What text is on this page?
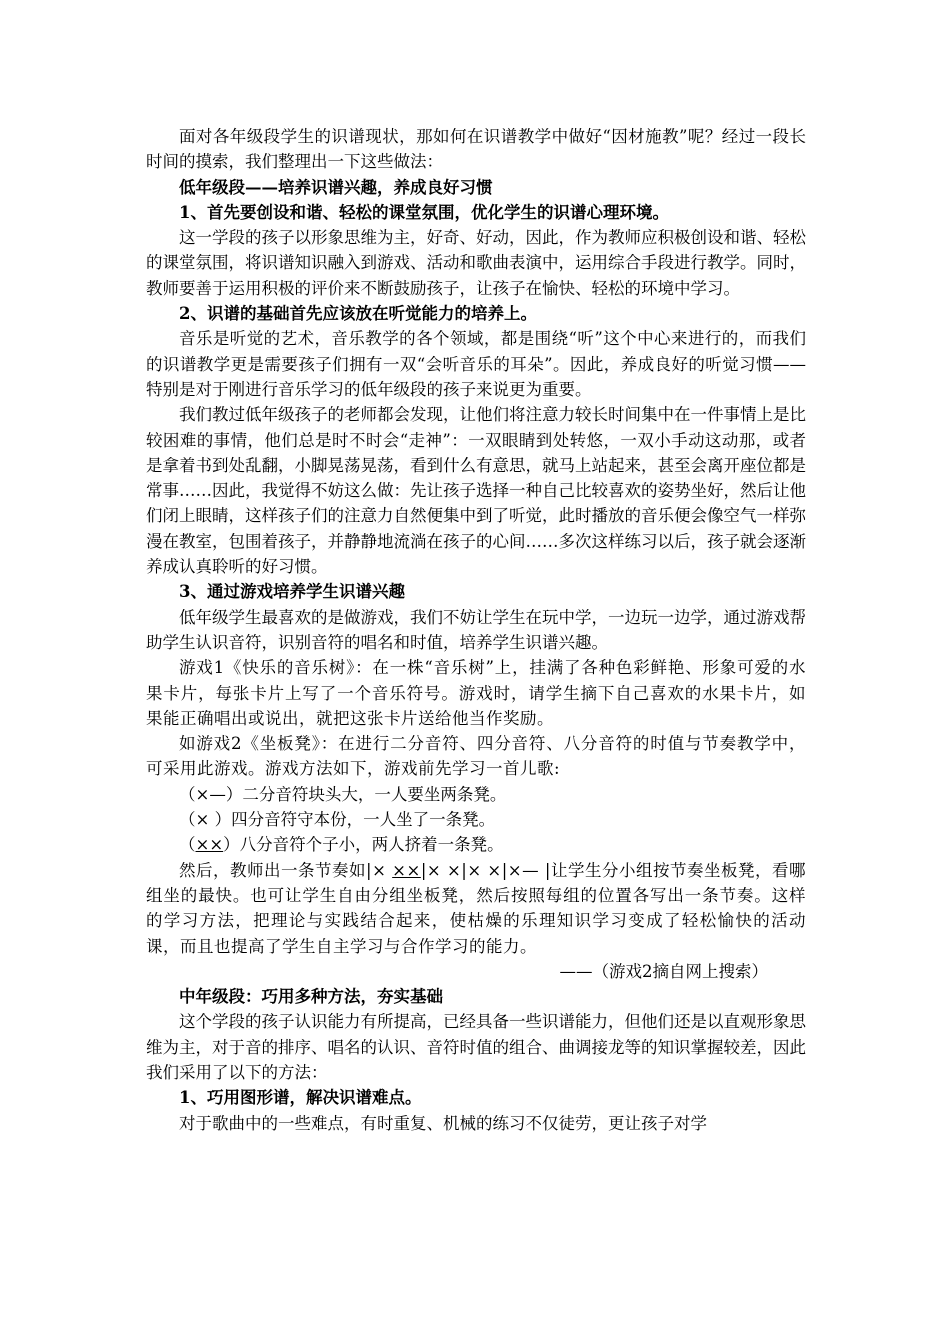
面对各年级段学生的识谱现状，那如何在识谱教学中做好“因材施教”呢？经过一段长时间的摸索，我们整理出一下这些做法：

低年级段——培养识谱兴趣，养成良好习惯

1、首先要创设和谐、轻松的课堂氛围，优化学生的识谱心理环境。

这一学段的孩子以形象思维为主，好奇、好动，因此，作为教师应积极创设和谐、轻松的课堂氛围，将识谱知识融入到游戏、活动和歌曲表演中，运用综合手段进行教学。同时，教师要善于运用积极的评价来不断鼓励孩子，让孩子在愉快、轻松的环境中学习。

2、识谱的基础首先应该放在听觉能力的培养上。

音乐是听觉的艺术，音乐教学的各个领域，都是围绕“听”这个中心来进行的，而我们的识谱教学更是需要孩子们拥有一双“会听音乐的耳朵”。因此，养成良好的听觉习惯——特别是对于刚进行音乐学习的低年级段的孩子来说更为重要。

我们教过低年级孩子的老师都会发现，让他们将注意力较长时间集中在一件事情上是比较困难的事情，他们总是时不时会“走神”：一双眼睛到处转悠，一双小手动这动那，或者是拿着书到处乱翻，小脚晃荡晃荡，看到什么有意思，就马上站起来，甚至会离开座位都是常事……因此，我觉得不妨这么做：先让孩子选择一种自己比较喜欢的姿势坐好，然后让他们闭上眼睛，这样孩子们的注意力自然便集中到了听觉，此时播放的音乐便会像空气一样弥漫在教室，包围着孩子，并静静地流淌在孩子的心间……多次这样练习以后，孩子就会逐渐养成认真聆听的好习惯。

3、通过游戏培养学生识谱兴趣

低年级学生最喜欢的是做游戏，我们不妨让学生在玩中学，一边玩一边学，通过游戏帮助学生认识音符，识别音符的唱名和时值，培养学生识谱兴趣。

游戏1《快乐的音乐树》：在一株“音乐树”上，挂满了各种色彩鲜艳、形象可爱的水果卡片，每张卡片上写了一个音乐符号。游戏时，请学生摘下自己喜欢的水果卡片，如果能正确唱出或说出，就把这张卡片送给他当作奖励。

如游戏2《坐板凳》：在进行二分音符、四分音符、八分音符的时值与节奏教学中，可采用此游戏。游戏方法如下，游戏前先学习一首儿歌:

（×—）二分音符块头大，一人要坐两条凳。

（× ）四分音符守本份，一人坐了一条凳。

（××）八分音符个子小，两人挤着一条凳。

然后，教师出一条节奏如|× ××|× ×|× ×|×— |让学生分小组按节奏坐板凳，看哪组坐的最快。也可让学生自由分组坐板凳，然后按照每组的位置各写出一条节奏。这样的学习方法，把理论与实践结合起来，使枯燥的乐理知识学习变成了轻松愉快的活动课，而且也提高了学生自主学习与合作学习的能力。

——（游戏2摘自网上搜索）

中年级段：巧用多种方法，夯实基础

这个学段的孩子认识能力有所提高，已经具备一些识谱能力，但他们还是以直观形象思维为主，对于音的排序、唱名的认识、音符时值的组合、曲调接龙等的知识掌握较差，因此我们采用了以下的方法：

1、巧用图形谱，解决识谱难点。

对于歌曲中的一些难点，有时重复、机械的练习不仅徒劳，更让孩子对学
